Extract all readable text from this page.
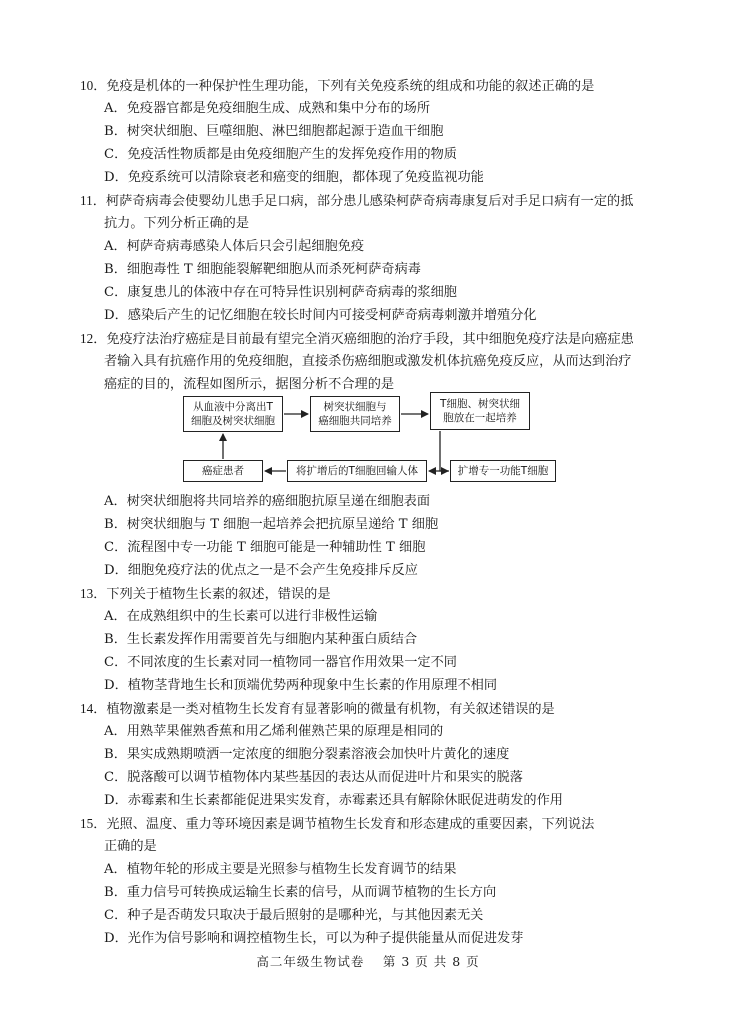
10．免疫是机体的一种保护性生理功能，下列有关免疫系统的组成和功能的叙述正确的是
A．免疫器官都是免疫细胞生成、成熟和集中分布的场所
B．树突状细胞、巨噬细胞、淋巴细胞都起源于造血干细胞
C．免疫活性物质都是由免疫细胞产生的发挥免疫作用的物质
D．免疫系统可以清除衰老和癌变的细胞，都体现了免疫监视功能
11．柯萨奇病毒会使婴幼儿患手足口病，部分患儿感染柯萨奇病毒康复后对手足口病有一定的抵
抗力。下列分析正确的是
A．柯萨奇病毒感染人体后只会引起细胞免疫
B．细胞毒性 T 细胞能裂解靶细胞从而杀死柯萨奇病毒
C．康复患儿的体液中存在可特异性识别柯萨奇病毒的浆细胞
D．感染后产生的记忆细胞在较长时间内可接受柯萨奇病毒刺激并增殖分化
12．免疫疗法治疗癌症是目前最有望完全消灭癌细胞的治疗手段，其中细胞免疫疗法是向癌症患
者输入具有抗癌作用的免疫细胞，直接杀伤癌细胞或激发机体抗癌免疫反应，从而达到治疗
癌症的目的，流程如图所示，据图分析不合理的是
从血液中分离出T
细胞及树突状细胞
树突状细胞与
癌细胞共同培养
T细胞、树突状细
胞放在一起培养
扩增专一功能T细胞
将扩增后的T细胞回输人体
癌症患者
A．树突状细胞将共同培养的癌细胞抗原呈递在细胞表面
B．树突状细胞与 T 细胞一起培养会把抗原呈递给 T 细胞
C．流程图中专一功能 T 细胞可能是一种辅助性 T 细胞
D．细胞免疫疗法的优点之一是不会产生免疫排斥反应
13．下列关于植物生长素的叙述，错误的是
A．在成熟组织中的生长素可以进行非极性运输
B．生长素发挥作用需要首先与细胞内某种蛋白质结合
C．不同浓度的生长素对同一植物同一器官作用效果一定不同
D．植物茎背地生长和顶端优势两种现象中生长素的作用原理不相同
14．植物激素是一类对植物生长发育有显著影响的微量有机物，有关叙述错误的是
A．用熟苹果催熟香蕉和用乙烯利催熟芒果的原理是相同的
B．果实成熟期喷洒一定浓度的细胞分裂素溶液会加快叶片黄化的速度
C．脱落酸可以调节植物体内某些基因的表达从而促进叶片和果实的脱落
D．赤霉素和生长素都能促进果实发育，赤霉素还具有解除休眠促进萌发的作用
15．光照、温度、重力等环境因素是调节植物生长发育和形态建成的重要因素，下列说法
正确的是
A．植物年轮的形成主要是光照参与植物生长发育调节的结果
B．重力信号可转换成运输生长素的信号，从而调节植物的生长方向
C．种子是否萌发只取决于最后照射的是哪种光，与其他因素无关
D．光作为信号影响和调控植物生长，可以为种子提供能量从而促进发芽
高二年级生物试卷　 第 3 页 共 8 页
